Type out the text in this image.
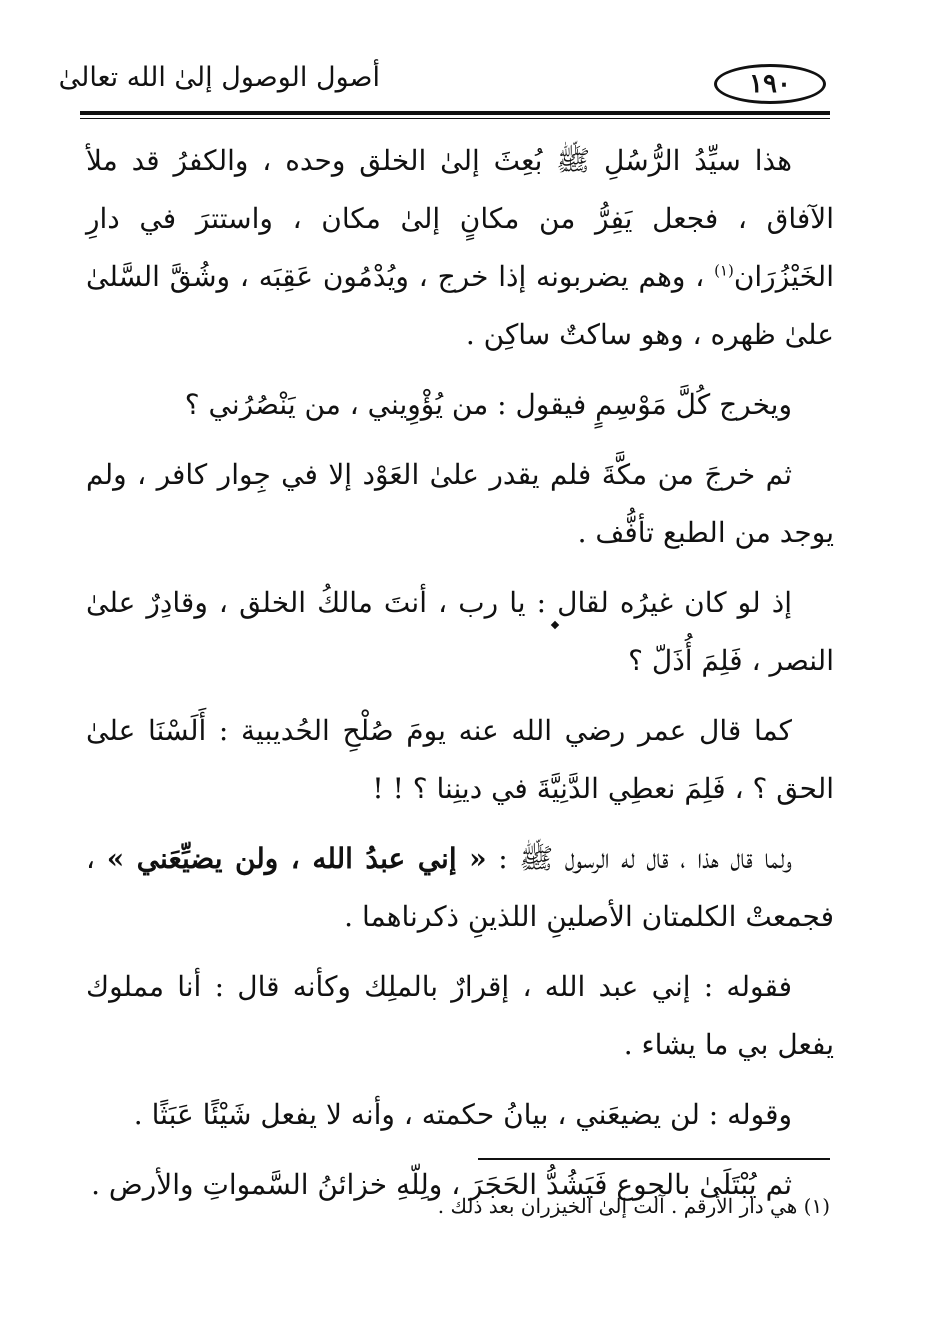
١٩٠
أصول الوصول إلىٰ الله تعالىٰ

هذا سيِّدُ الرُّسُلِ ﷺ بُعِثَ إلىٰ الخلق وحده ، والكفرُ قد ملأ الآفاق ، فجعل يَفِرُّ من مكانٍ إلىٰ مكان ، واستترَ في دارِ الخَيْزُرَان$^{(١)}$ ، وهم يضربونه إذا خرج ، ويُدْمُون عَقِبَه ، وشُقَّ السَّلىٰ علىٰ ظهره ، وهو ساكتٌ ساكِن .

ويخرج كُلَّ مَوْسِمٍ فيقول : من يُؤْوِيني ، من يَنْصُرُني ؟

ثم خرجَ من مكَّةَ فلم يقدر علىٰ العَوْد إلا في جِوار كافر ، ولم يوجد من الطبع تأفُّف .

إذ لو كان غيرُه لقال : يا رب ، أنتَ مالكُ الخلق ، وقادِرٌ علىٰ النصر ، فَلِمَ أُذَلّ ؟

كما قال عمر رضي الله عنه يومَ صُلْحِ الحُديبية : أَلَسْنَا علىٰ الحق ؟ ، فَلِمَ نعطِي الدَّنِيَّةَ في دينِنا ؟ ! !

ولما قال هذا ، قال له الرسول ﷺ : « إني عبدُ الله ، ولن يضيِّعَني » ، فجمعتْ الكلمتان الأصلينِ اللذينِ ذكرناهما .

فقوله : إني عبد الله ، إقرارٌ بالملِك وكأنه قال : أنا مملوك يفعل بي ما يشاء .

وقوله : لن يضيعَني ، بيانُ حكمته ، وأنه لا يفعل شَيْئًا عَبَثًا .

ثم يُبْتَلَىٰ بالجوع فَيَشُدُّ الحَجَرَ ، ولِلّهِ خزائنُ السَّمواتِ والأرض .

(١) هي دار الأرقم . آلت إلىٰ الخيزران بعد ذلك .
